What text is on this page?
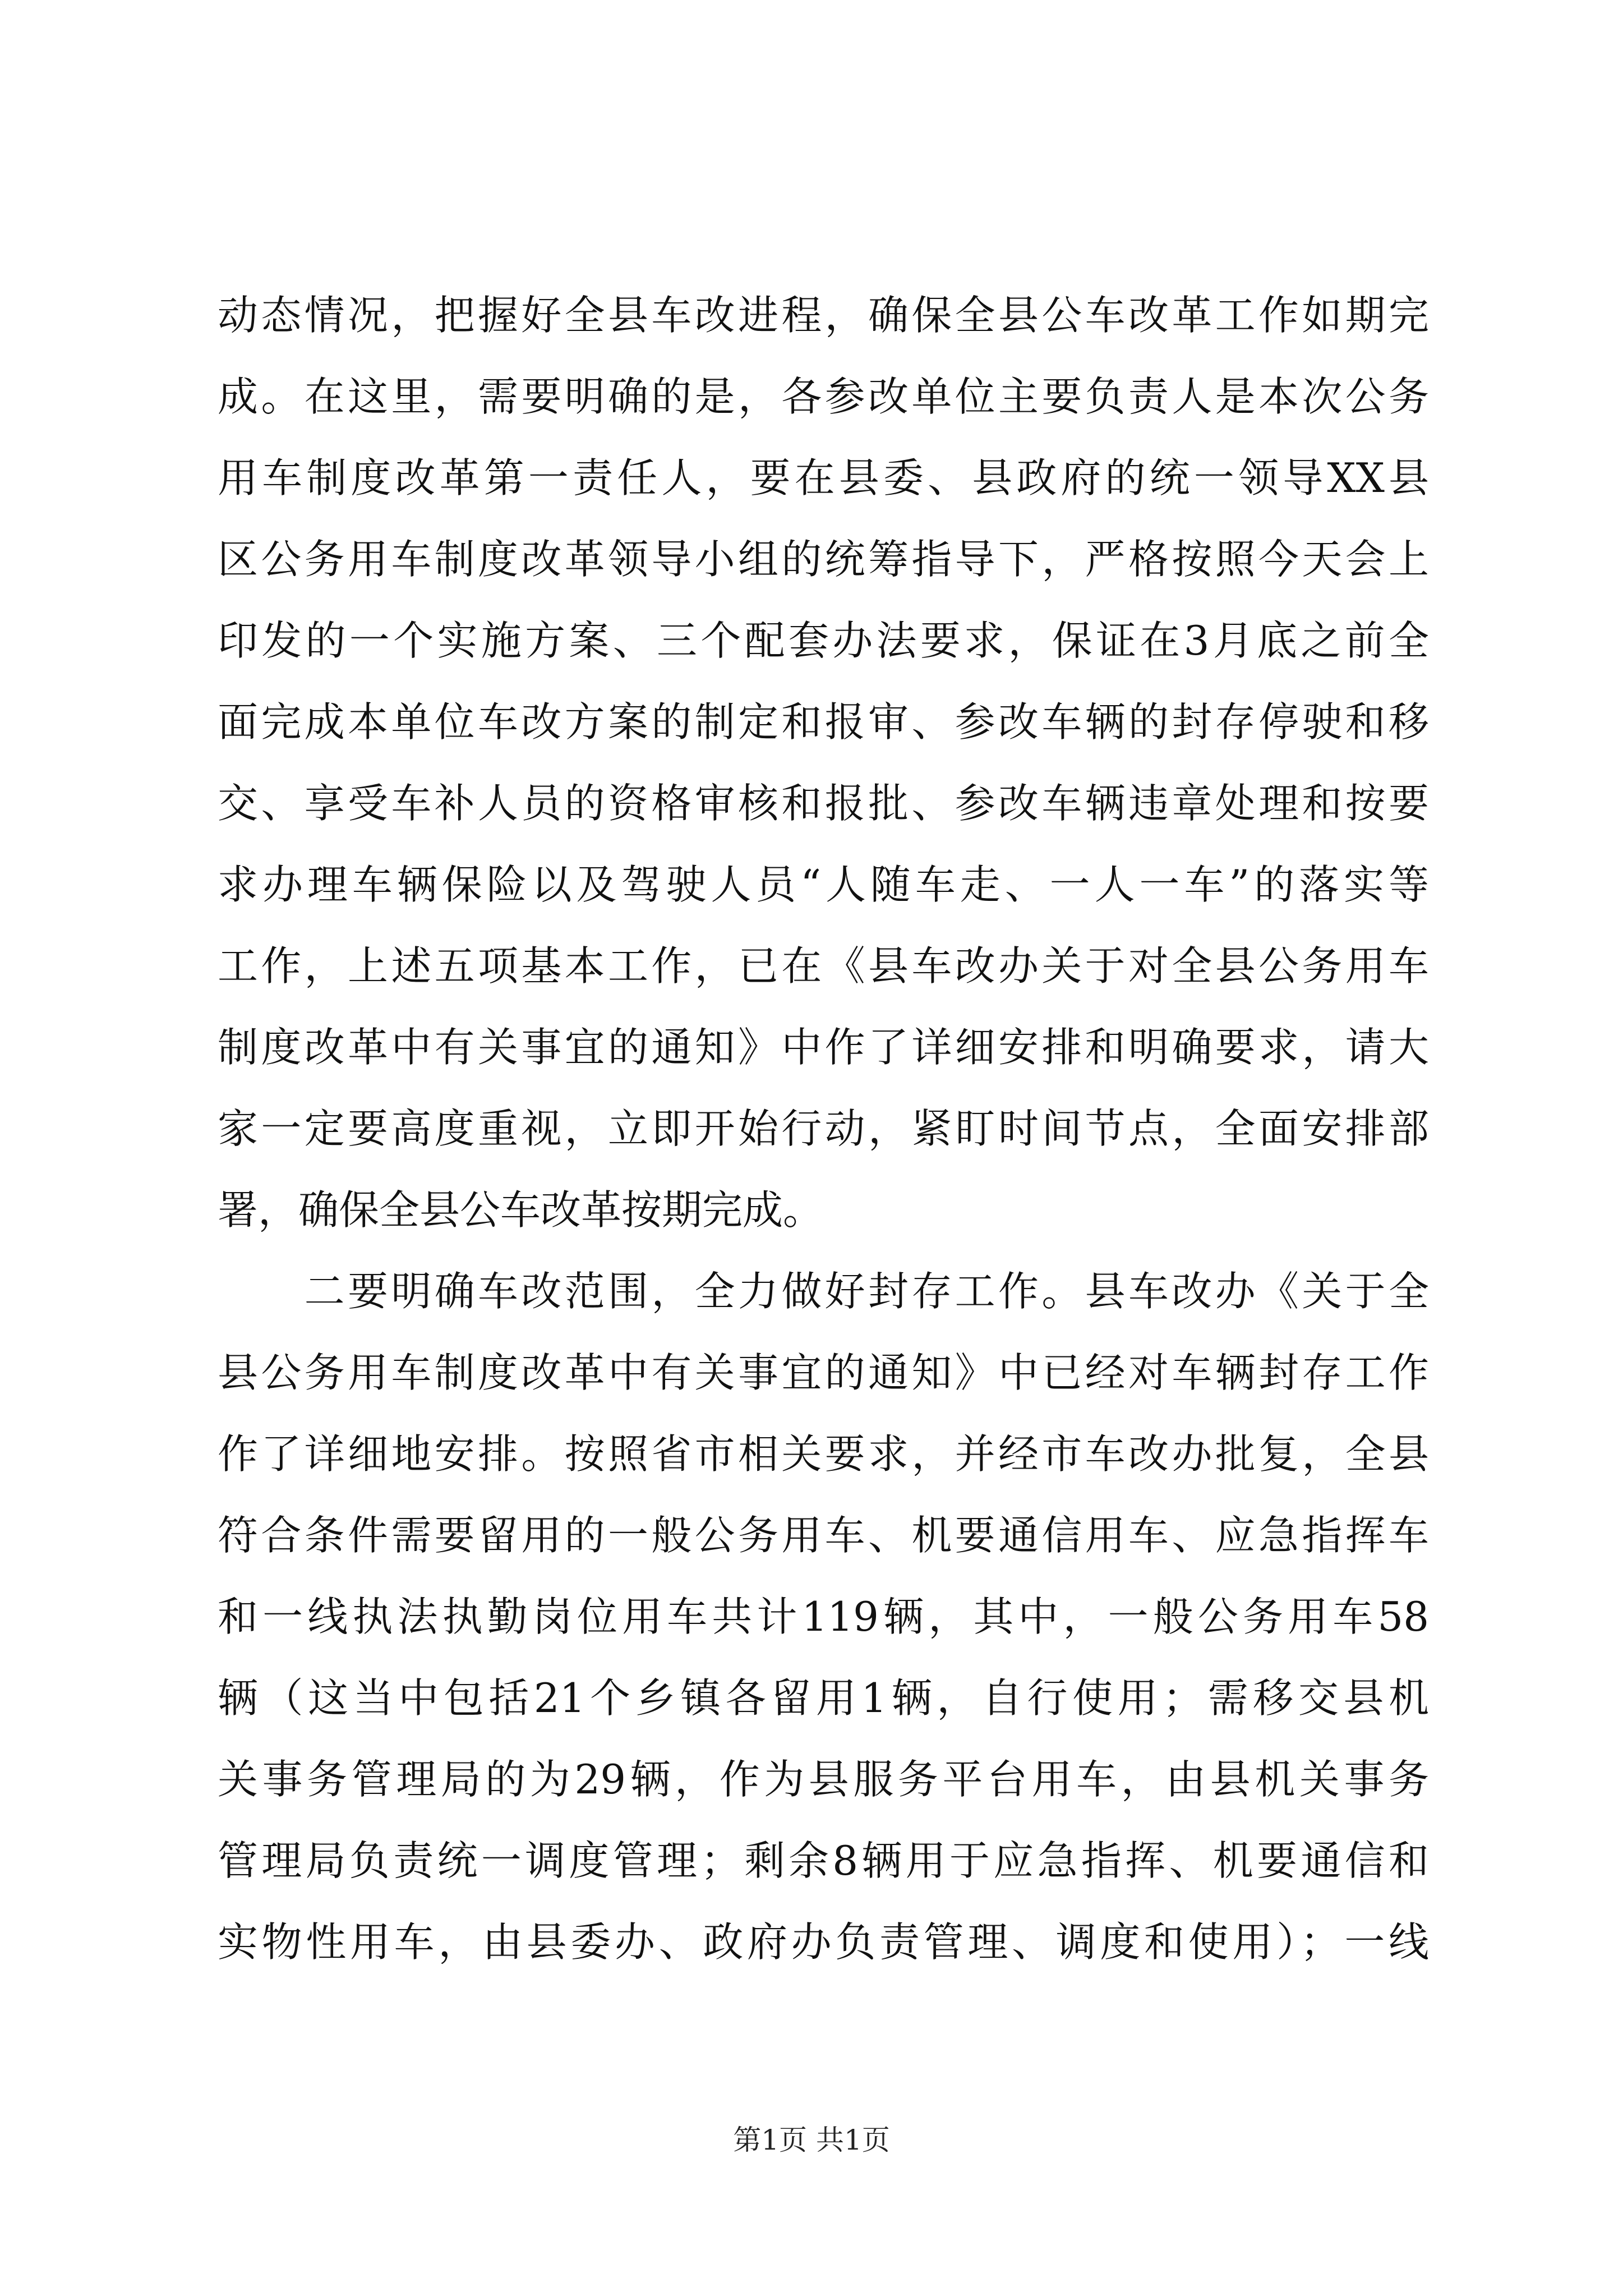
动态情况，把握好全县车改进程，确保全县公车改革工作如期完
成。在这里，需要明确的是，各参改单位主要负责人是本次公务
用车制度改革第一责任人，要在县委、县政府的统一领导XX县
区公务用车制度改革领导小组的统筹指导下，严格按照今天会上
印发的一个实施方案、三个配套办法要求，保证在3月底之前全
面完成本单位车改方案的制定和报审、参改车辆的封存停驶和移
交、享受车补人员的资格审核和报批、参改车辆违章处理和按要
求办理车辆保险以及驾驶人员“人随车走、一人一车”的落实等
工作，上述五项基本工作，已在《县车改办关于对全县公务用车
制度改革中有关事宜的通知》中作了详细安排和明确要求，请大
家一定要高度重视，立即开始行动，紧盯时间节点，全面安排部
署，确保全县公车改革按期完成。
　　二要明确车改范围，全力做好封存工作。县车改办《关于全
县公务用车制度改革中有关事宜的通知》中已经对车辆封存工作
作了详细地安排。按照省市相关要求，并经市车改办批复，全县
符合条件需要留用的一般公务用车、机要通信用车、应急指挥车
和一线执法执勤岗位用车共计119辆，其中，一般公务用车58
辆（这当中包括21个乡镇各留用1辆，自行使用；需移交县机
关事务管理局的为29辆，作为县服务平台用车，由县机关事务
管理局负责统一调度管理；剩余8辆用于应急指挥、机要通信和
实物性用车，由县委办、政府办负责管理、调度和使用）；一线
第1页 共1页
